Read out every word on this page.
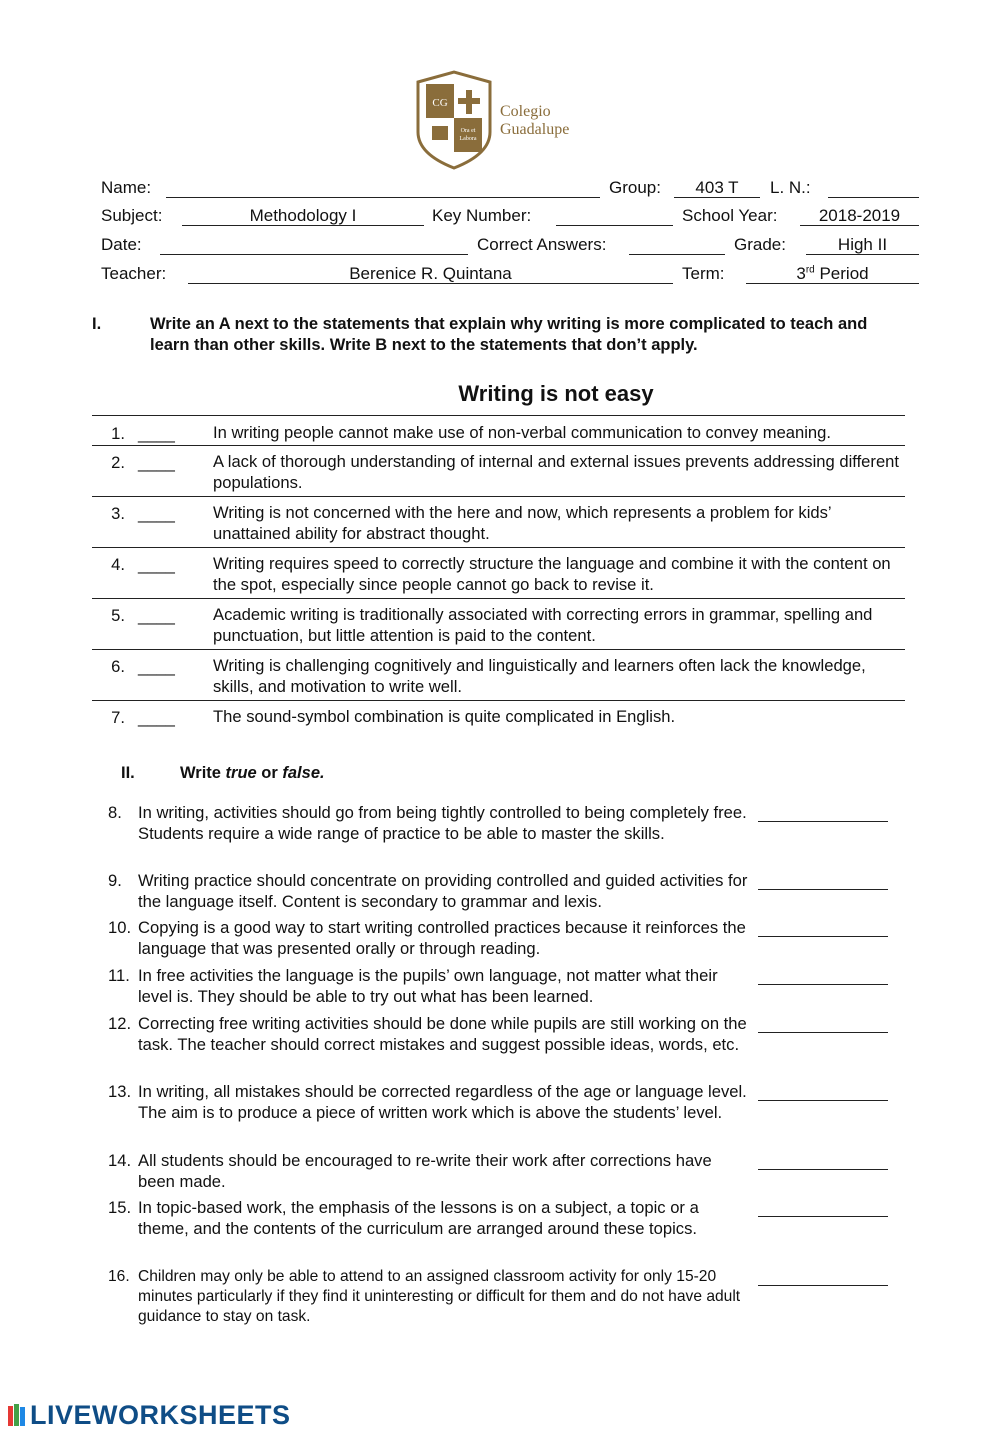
CG
Ora et
Labora
Colegio
Guadalupe
Name:	Group:	403 T	L. N.:
Subject:	Methodology I	Key Number:	School Year:	2018-2019
Date:	Correct Answers:	Grade:	High II
Teacher:	Berenice R. Quintana	Term:	3rd Period
I.	Write an A next to the statements that explain why writing is more complicated to teach and learn than other skills. Write B next to the statements that don’t apply.
Writing is not easy
1. ____ In writing people cannot make use of non-verbal communication to convey meaning.
2. ____ A lack of thorough understanding of internal and external issues prevents addressing different populations.
3. ____ Writing is not concerned with the here and now, which represents a problem for kids’ unattained ability for abstract thought.
4. ____ Writing requires speed to correctly structure the language and combine it with the content on the spot, especially since people cannot go back to revise it.
5. ____ Academic writing is traditionally associated with correcting errors in grammar, spelling and punctuation, but little attention is paid to the content.
6. ____ Writing is challenging cognitively and linguistically and learners often lack the knowledge, skills, and motivation to write well.
7. ____ The sound-symbol combination is quite complicated in English.
II.	Write true or false.
8. In writing, activities should go from being tightly controlled to being completely free. Students require a wide range of practice to be able to master the skills.
9. Writing practice should concentrate on providing controlled and guided activities for the language itself. Content is secondary to grammar and lexis.
10. Copying is a good way to start writing controlled practices because it reinforces the language that was presented orally or through reading.
11. In free activities the language is the pupils’ own language, not matter what their level is. They should be able to try out what has been learned.
12. Correcting free writing activities should be done while pupils are still working on the task. The teacher should correct mistakes and suggest possible ideas, words, etc.
13. In writing, all mistakes should be corrected regardless of the age or language level. The aim is to produce a piece of written work which is above the students’ level.
14. All students should be encouraged to re-write their work after corrections have been made.
15. In topic-based work, the emphasis of the lessons is on a subject, a topic or a theme, and the contents of the curriculum are arranged around these topics.
16. Children may only be able to attend to an assigned classroom activity for only 15-20 minutes particularly if they find it uninteresting or difficult for them and do not have adult guidance to stay on task.
LIVEWORKSHEETS
